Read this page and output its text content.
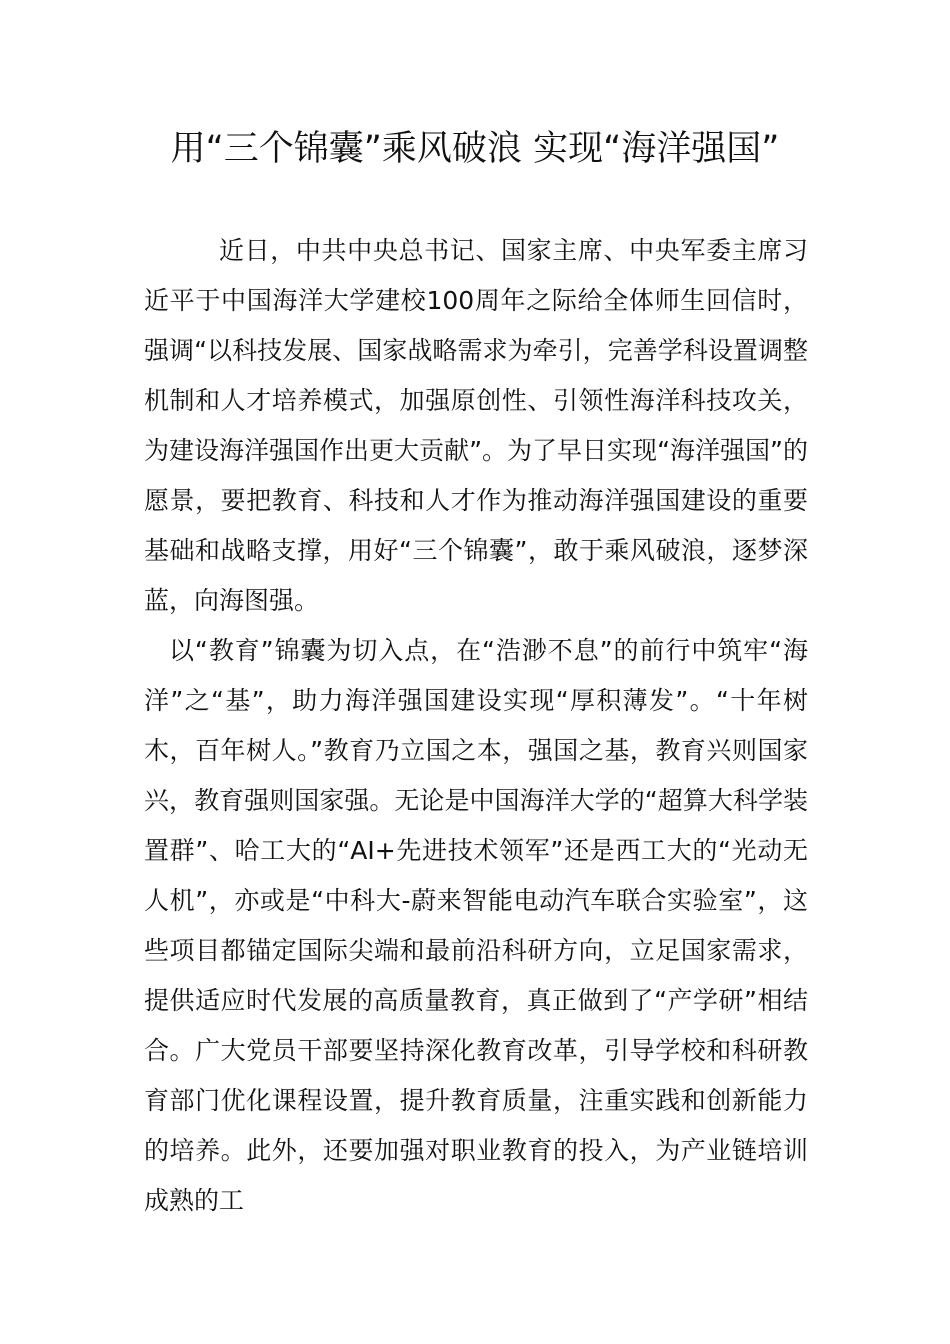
用“三个锦囊”乘风破浪 实现“海洋强国”

近日，中共中央总书记、国家主席、中央军委主席习近平于中国海洋大学建校100周年之际给全体师生回信时，强调“以科技发展、国家战略需求为牵引，完善学科设置调整机制和人才培养模式，加强原创性、引领性海洋科技攻关，为建设海洋强国作出更大贡献”。为了早日实现“海洋强国”的愿景，要把教育、科技和人才作为推动海洋强国建设的重要基础和战略支撑，用好“三个锦囊”，敢于乘风破浪，逐梦深蓝，向海图强。

以“教育”锦囊为切入点，在“浩渺不息”的前行中筑牢“海洋”之“基”，助力海洋强国建设实现“厚积薄发”。“十年树木，百年树人。”教育乃立国之本，强国之基，教育兴则国家兴，教育强则国家强。无论是中国海洋大学的“超算大科学装置群”、哈工大的“AI+先进技术领军”还是西工大的“光动无人机”，亦或是“中科大-蔚来智能电动汽车联合实验室”，这些项目都锚定国际尖端和最前沿科研方向，立足国家需求，提供适应时代发展的高质量教育，真正做到了“产学研”相结合。广大党员干部要坚持深化教育改革，引导学校和科研教育部门优化课程设置，提升教育质量，注重实践和创新能力的培养。此外，还要加强对职业教育的投入，为产业链培训成熟的工
